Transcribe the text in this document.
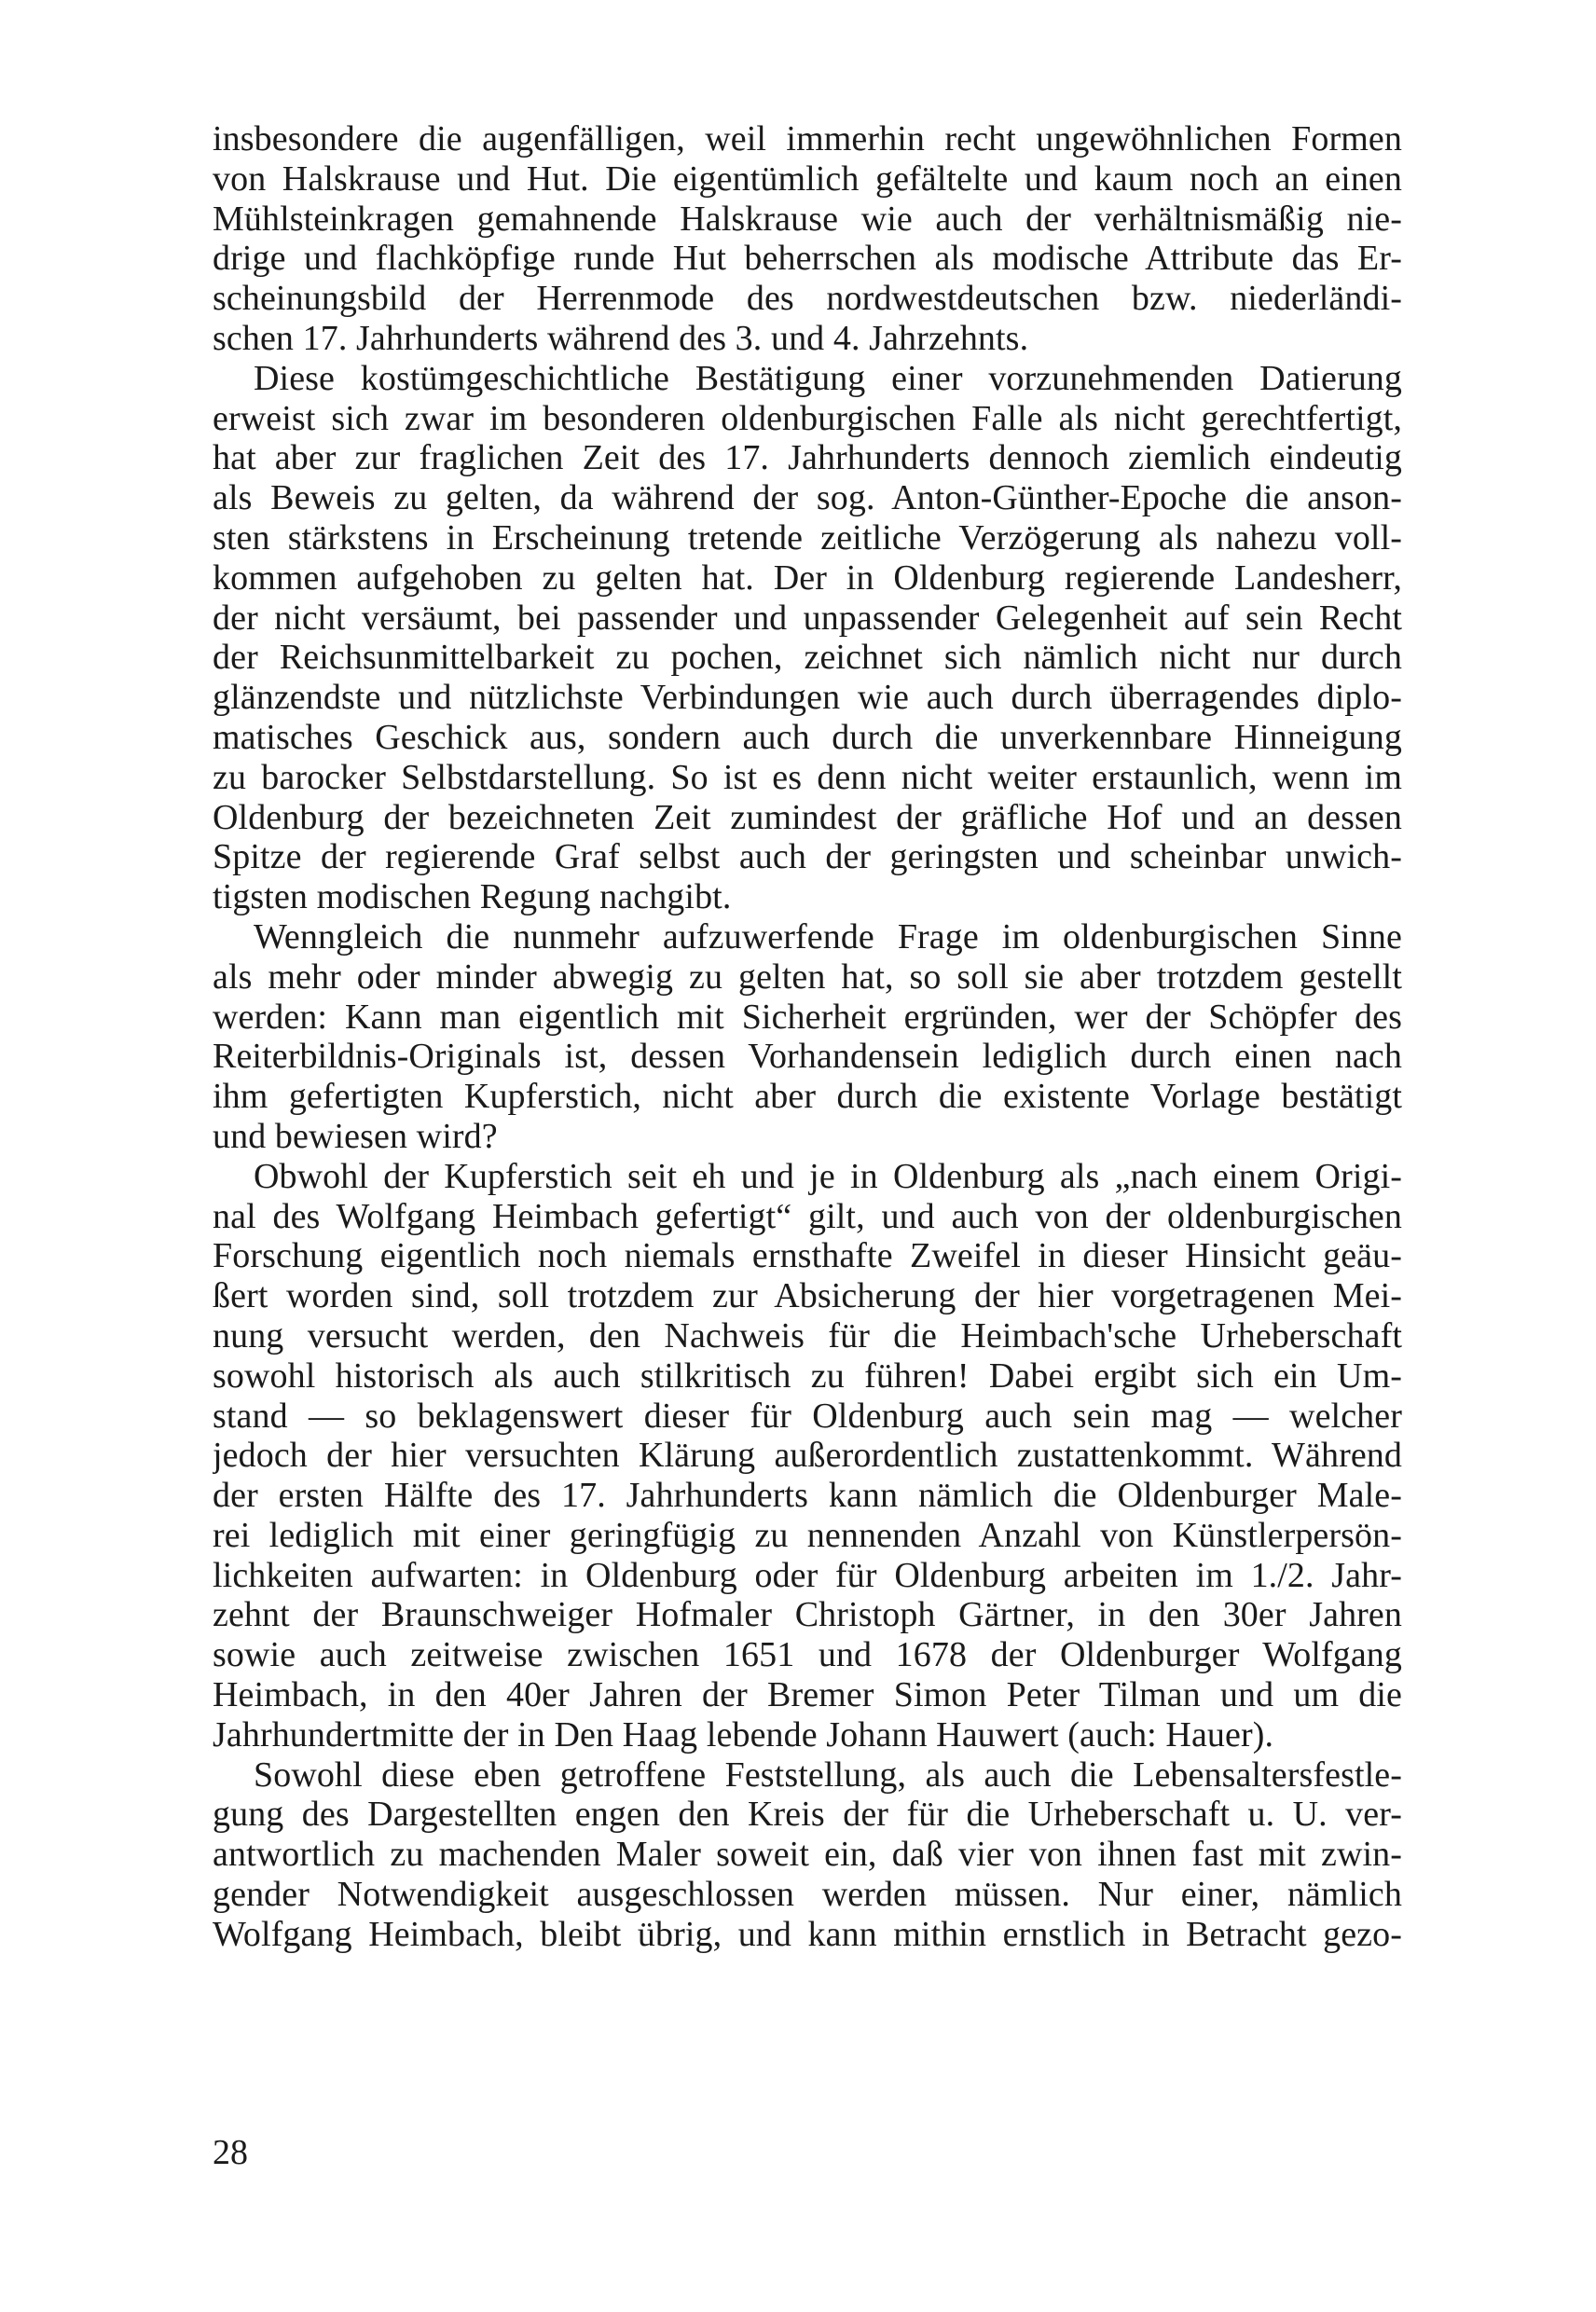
insbesondere die augenfälligen, weil immerhin recht ungewöhnlichen Formen
von Halskrause und Hut. Die eigentümlich gefältelte und kaum noch an einen
Mühlsteinkragen gemahnende Halskrause wie auch der verhältnismäßig nie-
drige und flachköpfige runde Hut beherrschen als modische Attribute das Er-
scheinungsbild der Herrenmode des nordwestdeutschen bzw. niederländi-
schen 17. Jahrhunderts während des 3. und 4. Jahrzehnts.
Diese kostümgeschichtliche Bestätigung einer vorzunehmenden Datierung
erweist sich zwar im besonderen oldenburgischen Falle als nicht gerechtfertigt,
hat aber zur fraglichen Zeit des 17. Jahrhunderts dennoch ziemlich eindeutig
als Beweis zu gelten, da während der sog. Anton-Günther-Epoche die anson-
sten stärkstens in Erscheinung tretende zeitliche Verzögerung als nahezu voll-
kommen aufgehoben zu gelten hat. Der in Oldenburg regierende Landesherr,
der nicht versäumt, bei passender und unpassender Gelegenheit auf sein Recht
der Reichsunmittelbarkeit zu pochen, zeichnet sich nämlich nicht nur durch
glänzendste und nützlichste Verbindungen wie auch durch überragendes diplo-
matisches Geschick aus, sondern auch durch die unverkennbare Hinneigung
zu barocker Selbstdarstellung. So ist es denn nicht weiter erstaunlich, wenn im
Oldenburg der bezeichneten Zeit zumindest der gräfliche Hof und an dessen
Spitze der regierende Graf selbst auch der geringsten und scheinbar unwich-
tigsten modischen Regung nachgibt.
Wenngleich die nunmehr aufzuwerfende Frage im oldenburgischen Sinne
als mehr oder minder abwegig zu gelten hat, so soll sie aber trotzdem gestellt
werden: Kann man eigentlich mit Sicherheit ergründen, wer der Schöpfer des
Reiterbildnis-Originals ist, dessen Vorhandensein lediglich durch einen nach
ihm gefertigten Kupferstich, nicht aber durch die existente Vorlage bestätigt
und bewiesen wird?
Obwohl der Kupferstich seit eh und je in Oldenburg als „nach einem Origi-
nal des Wolfgang Heimbach gefertigt“ gilt, und auch von der oldenburgischen
Forschung eigentlich noch niemals ernsthafte Zweifel in dieser Hinsicht geäu-
ßert worden sind, soll trotzdem zur Absicherung der hier vorgetragenen Mei-
nung versucht werden, den Nachweis für die Heimbach'sche Urheberschaft
sowohl historisch als auch stilkritisch zu führen! Dabei ergibt sich ein Um-
stand — so beklagenswert dieser für Oldenburg auch sein mag — welcher
jedoch der hier versuchten Klärung außerordentlich zustattenkommt. Während
der ersten Hälfte des 17. Jahrhunderts kann nämlich die Oldenburger Male-
rei lediglich mit einer geringfügig zu nennenden Anzahl von Künstlerpersön-
lichkeiten aufwarten: in Oldenburg oder für Oldenburg arbeiten im 1./2. Jahr-
zehnt der Braunschweiger Hofmaler Christoph Gärtner, in den 30er Jahren
sowie auch zeitweise zwischen 1651 und 1678 der Oldenburger Wolfgang
Heimbach, in den 40er Jahren der Bremer Simon Peter Tilman und um die
Jahrhundertmitte der in Den Haag lebende Johann Hauwert (auch: Hauer).
Sowohl diese eben getroffene Feststellung, als auch die Lebensaltersfestle-
gung des Dargestellten engen den Kreis der für die Urheberschaft u. U. ver-
antwortlich zu machenden Maler soweit ein, daß vier von ihnen fast mit zwin-
gender Notwendigkeit ausgeschlossen werden müssen. Nur einer, nämlich
Wolfgang Heimbach, bleibt übrig, und kann mithin ernstlich in Betracht gezo-
28
